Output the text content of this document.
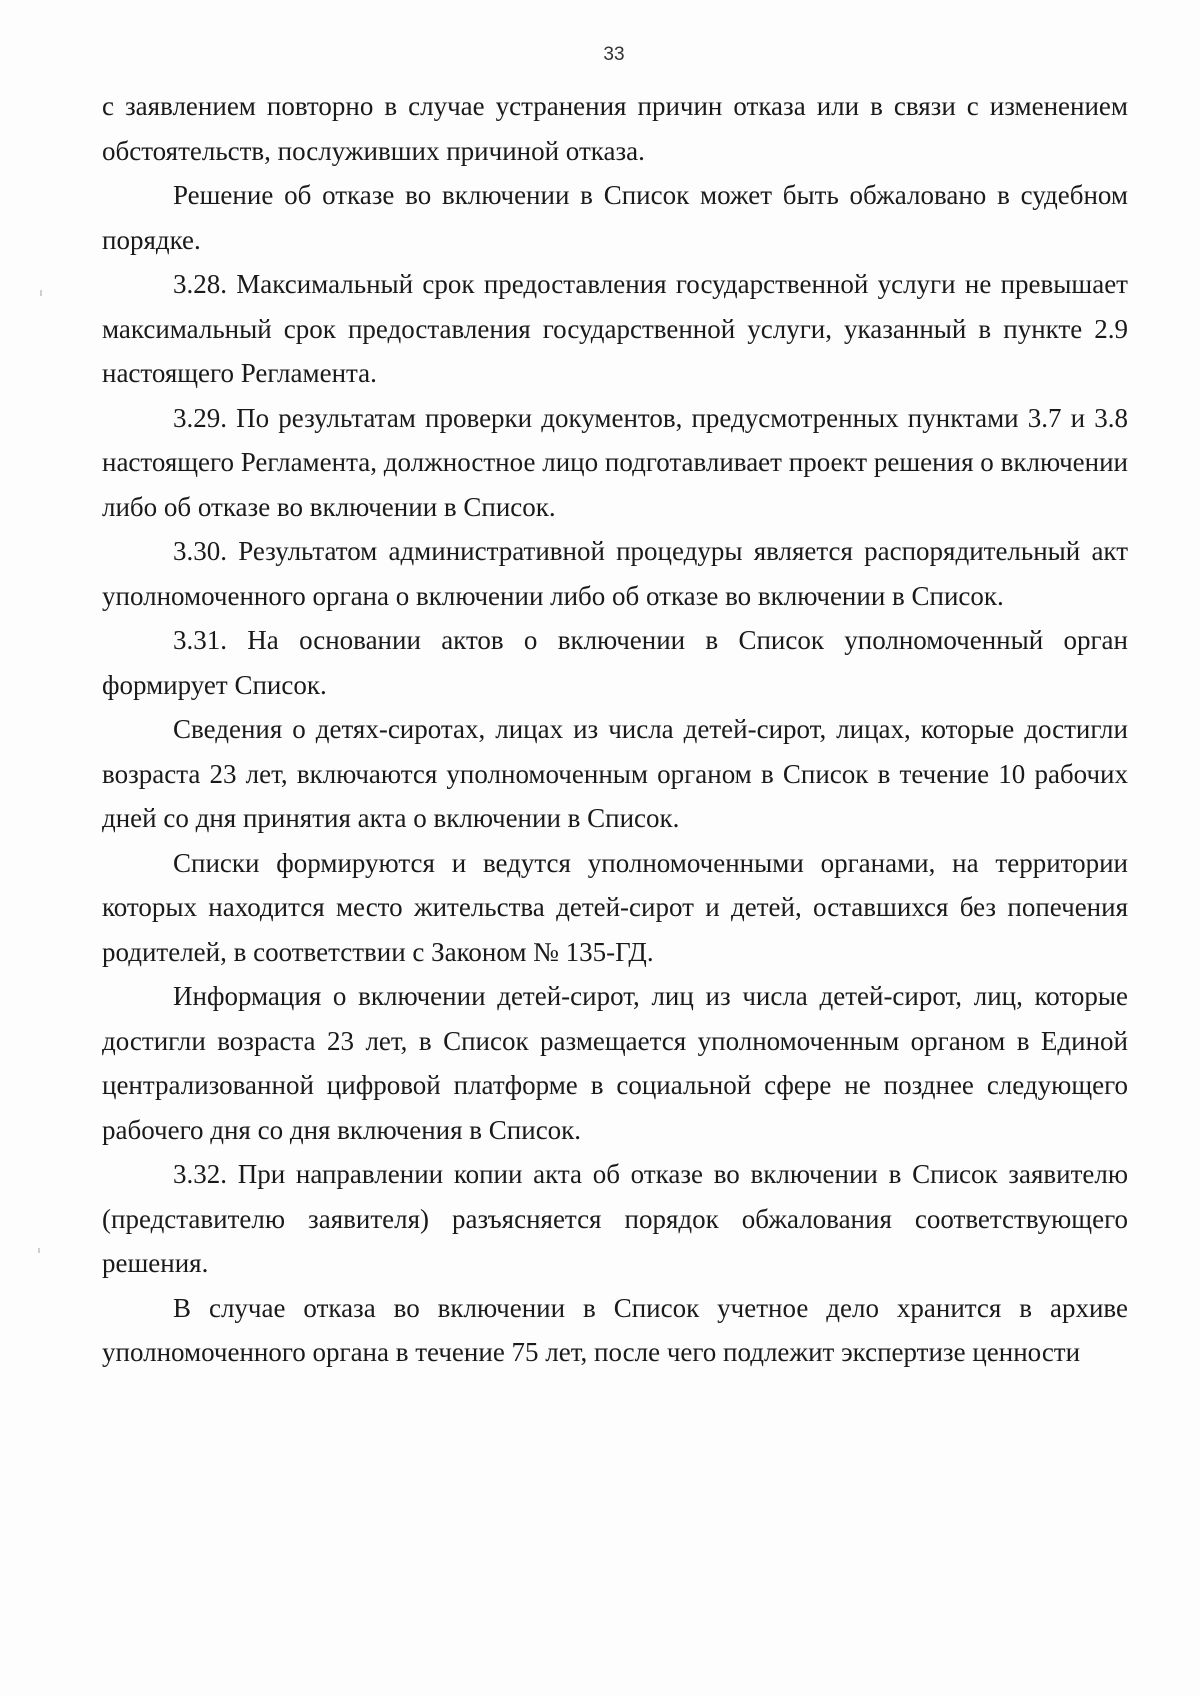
33

с заявлением повторно в случае устранения причин отказа или в связи с изменением обстоятельств, послуживших причиной отказа.

Решение об отказе во включении в Список может быть обжаловано в судебном порядке.

3.28. Максимальный срок предоставления государственной услуги не превышает максимальный срок предоставления государственной услуги, указанный в пункте 2.9 настоящего Регламента.

3.29. По результатам проверки документов, предусмотренных пунктами 3.7 и 3.8 настоящего Регламента, должностное лицо подготавливает проект решения о включении либо об отказе во включении в Список.

3.30. Результатом административной процедуры является распорядительный акт уполномоченного органа о включении либо об отказе во включении в Список.

3.31. На основании актов о включении в Список уполномоченный орган формирует Список.

Сведения о детях-сиротах, лицах из числа детей-сирот, лицах, которые достигли возраста 23 лет, включаются уполномоченным органом в Список в течение 10 рабочих дней со дня принятия акта о включении в Список.

Списки формируются и ведутся уполномоченными органами, на территории которых находится место жительства детей-сирот и детей, оставшихся без попечения родителей, в соответствии с Законом № 135-ГД.

Информация о включении детей-сирот, лиц из числа детей-сирот, лиц, которые достигли возраста 23 лет, в Список размещается уполномоченным органом в Единой централизованной цифровой платформе в социальной сфере не позднее следующего рабочего дня со дня включения в Список.

3.32. При направлении копии акта об отказе во включении в Список заявителю (представителю заявителя) разъясняется порядок обжалования соответствующего решения.

В случае отказа во включении в Список учетное дело хранится в архиве уполномоченного органа в течение 75 лет, после чего подлежит экспертизе ценности
